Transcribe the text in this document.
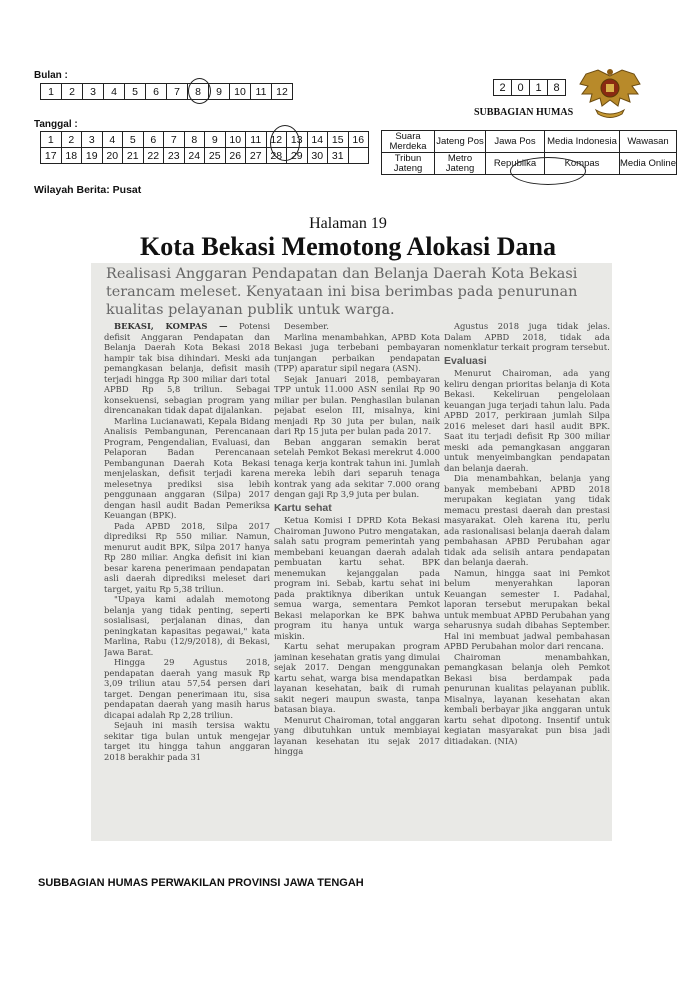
Bulan :
1	2	3	4	5	6	7	8	9	10	11	12
Tanggal :
1	2	3	4	5	6	7	8	9	10	11	12	13	14	15	16
17	18	19	20	21	22	23	24	25	26	27	28	29	30	31	
2	0	1	8
SUBBAGIAN HUMAS
Suara Merdeka	Jateng Pos	Jawa Pos	Media Indonesia	Wawasan
Tribun Jateng	Metro Jateng	Republika	Kompas	Media Online
Wilayah Berita: Pusat
Halaman 19
Kota Bekasi Memotong Alokasi Dana
Realisasi Anggaran Pendapatan dan Belanja Daerah Kota Bekasi terancam meleset. Kenyataan ini bisa berimbas pada penurunan kualitas pelayanan publik untuk warga.

BEKASI, KOMPAS — Potensi defisit Anggaran Pendapatan dan Belanja Daerah Kota Bekasi 2018 hampir tak bisa dihindari. Meski ada pemangkasan belanja, defisit masih terjadi hingga Rp 300 miliar dari total APBD Rp 5,8 triliun. Sebagai konsekuensi, sebagian program yang direncanakan tidak dapat dijalankan.

Marlina Lucianawati, Kepala Bidang Analisis Pembangunan, Perencanaan Program, Pengendalian, Evaluasi, dan Pelaporan Badan Perencanaan Pembangunan Daerah Kota Bekasi menjelaskan, defisit terjadi karena melesetnya prediksi sisa lebih penggunaan anggaran (Silpa) 2017 dengan hasil audit Badan Pemeriksa Keuangan (BPK).

Pada APBD 2018, Silpa 2017 diprediksi Rp 550 miliar. Namun, menurut audit BPK, Silpa 2017 hanya Rp 280 miliar. Angka defisit ini kian besar karena penerimaan pendapatan asli daerah diprediksi meleset dari target, yaitu Rp 5,38 triliun.

"Upaya kami adalah memotong belanja yang tidak penting, seperti sosialisasi, perjalanan dinas, dan peningkatan kapasitas pegawai," kata Marlina, Rabu (12/9/2018), di Bekasi, Jawa Barat.

Hingga 29 Agustus 2018, pendapatan daerah yang masuk Rp 3,09 triliun atau 57,54 persen dari target. Dengan penerimaan itu, sisa pendapatan daerah yang masih harus dicapai adalah Rp 2,28 triliun.

Sejauh ini masih tersisa waktu sekitar tiga bulan untuk mengejar target itu hingga tahun anggaran 2018 berakhir pada 31

Desember.

Marlina menambahkan, APBD Kota Bekasi juga terbebani pembayaran tunjangan perbaikan pendapatan (TPP) aparatur sipil negara (ASN).

Sejak Januari 2018, pembayaran TPP untuk 11.000 ASN senilai Rp 90 miliar per bulan. Penghasilan bulanan pejabat eselon III, misalnya, kini menjadi Rp 30 juta per bulan, naik dari Rp 15 juta per bulan pada 2017.

Beban anggaran semakin berat setelah Pemkot Bekasi merekrut 4.000 tenaga kerja kontrak tahun ini. Jumlah mereka lebih dari separuh tenaga kontrak yang ada sekitar 7.000 orang dengan gaji Rp 3,9 juta per bulan.

Kartu sehat

Ketua Komisi I DPRD Kota Bekasi Chairoman Juwono Putro mengatakan, salah satu program pemerintah yang membebani keuangan daerah adalah pembuatan kartu sehat. BPK menemukan kejanggalan pada program ini. Sebab, kartu sehat ini pada praktiknya diberikan untuk semua warga, sementara Pemkot Bekasi melaporkan ke BPK bahwa program itu hanya untuk warga miskin.

Kartu sehat merupakan program jaminan kesehatan gratis yang dimulai sejak 2017. Dengan menggunakan kartu sehat, warga bisa mendapatkan layanan kesehatan, baik di rumah sakit negeri maupun swasta, tanpa batasan biaya.

Menurut Chairoman, total anggaran yang dibutuhkan untuk membiayai layanan kesehatan itu sejak 2017 hingga

Agustus 2018 juga tidak jelas. Dalam APBD 2018, tidak ada nomenklatur terkait program tersebut.

Evaluasi

Menurut Chairoman, ada yang keliru dengan prioritas belanja di Kota Bekasi. Kekeliruan pengelolaan keuangan juga terjadi tahun lalu. Pada APBD 2017, perkiraan jumlah Silpa 2016 meleset dari hasil audit BPK. Saat itu terjadi defisit Rp 300 miliar meski ada pemangkasan anggaran untuk menyeimbangkan pendapatan dan belanja daerah.

Dia menambahkan, belanja yang banyak membebani APBD 2018 merupakan kegiatan yang tidak memacu prestasi daerah dan prestasi masyarakat. Oleh karena itu, perlu ada rasionalisasi belanja daerah dalam pembahasan APBD Perubahan agar tidak ada selisih antara pendapatan dan belanja daerah.

Namun, hingga saat ini Pemkot belum menyerahkan laporan Keuangan semester I. Padahal, laporan tersebut merupakan bekal untuk membuat APBD Perubahan yang seharusnya sudah dibahas September. Hal ini membuat jadwal pembahasan APBD Perubahan molor dari rencana.

Chairoman menambahkan, pemangkasan belanja oleh Pemkot Bekasi bisa berdampak pada penurunan kualitas pelayanan publik. Misalnya, layanan kesehatan akan kembali berbayar jika anggaran untuk kartu sehat dipotong. Insentif untuk kegiatan masyarakat pun bisa jadi ditiadakan. (NIA)

SUBBAGIAN HUMAS PERWAKILAN PROVINSI JAWA TENGAH
